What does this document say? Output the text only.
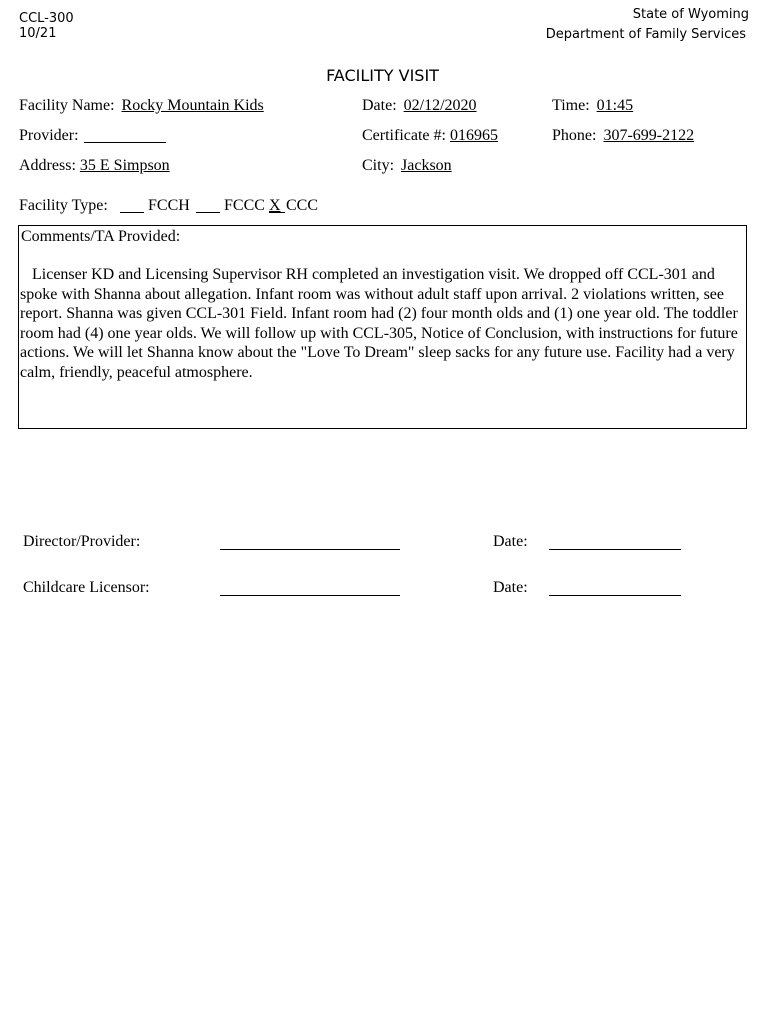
CCL-300
10/21
State of Wyoming
Department of Family Services
FACILITY VISIT
Facility Name: Rocky Mountain Kids	Date: 02/12/2020	Time: 01:45
Provider:	Certificate #: 016965	Phone: 307-699-2122
Address: 35 E Simpson	City: Jackson
Facility Type:	FCCH FCCC X CCC
Comments/TA Provided:
Licenser KD and Licensing Supervisor RH completed an investigation visit. We dropped off CCL-301 and spoke with Shanna about allegation. Infant room was without adult staff upon arrival. 2 violations written, see report. Shanna was given CCL-301 Field. Infant room had (2) four month olds and (1) one year old. The toddler room had (4) one year olds. We will follow up with CCL-305, Notice of Conclusion, with instructions for future actions. We will let Shanna know about the "Love To Dream" sleep sacks for any future use. Facility had a very calm, friendly, peaceful atmosphere.
Director/Provider:	Date:
Childcare Licensor:	Date:
